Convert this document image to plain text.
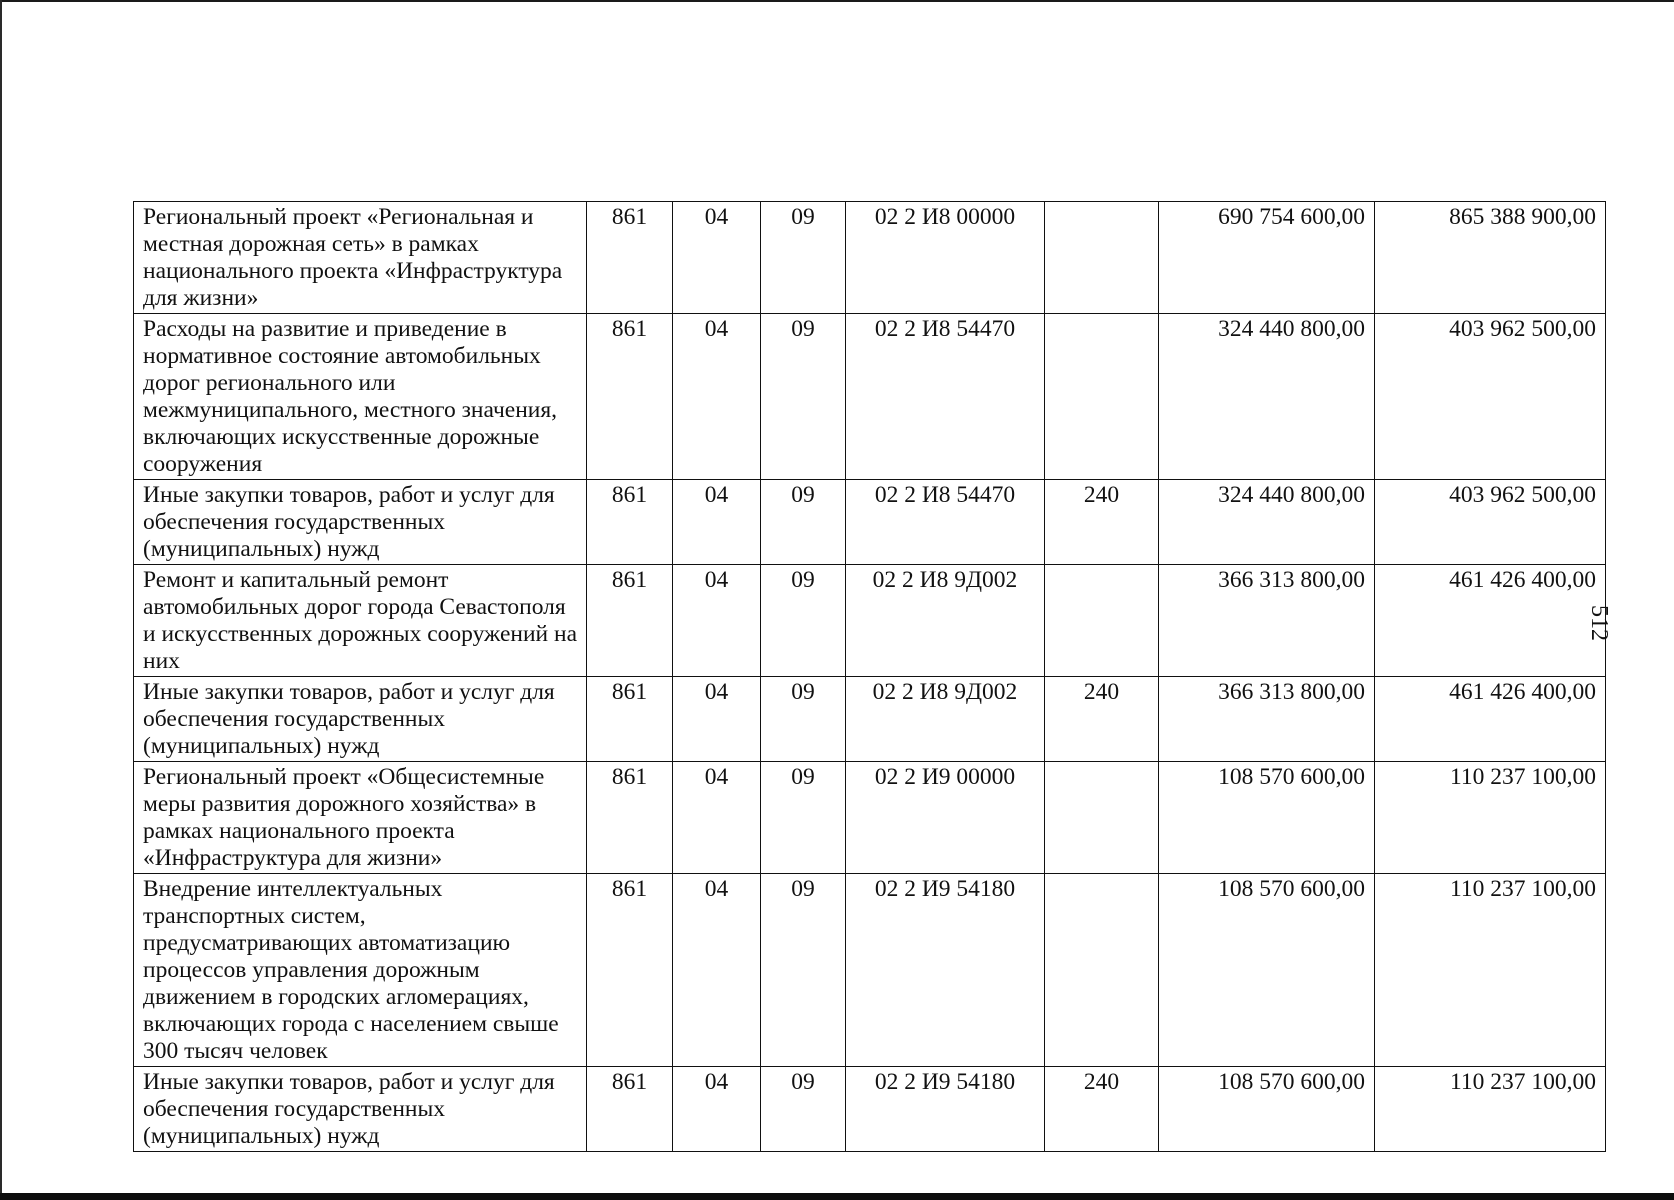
Региональный проект «Региональная и местная дорожная сеть» в рамках национального проекта «Инфраструктура для жизни»	861	04	09	02 2 И8 00000		690 754 600,00	865 388 900,00
Расходы на развитие и приведение в нормативное состояние автомобильных дорог регионального или межмуниципального, местного значения, включающих искусственные дорожные сооружения	861	04	09	02 2 И8 54470		324 440 800,00	403 962 500,00
Иные закупки товаров, работ и услуг для обеспечения государственных (муниципальных) нужд	861	04	09	02 2 И8 54470	240	324 440 800,00	403 962 500,00
Ремонт и капитальный ремонт автомобильных дорог города Севастополя и искусственных дорожных сооружений на них	861	04	09	02 2 И8 9Д002		366 313 800,00	461 426 400,00
Иные закупки товаров, работ и услуг для обеспечения государственных (муниципальных) нужд	861	04	09	02 2 И8 9Д002	240	366 313 800,00	461 426 400,00
Региональный проект «Общесистемные меры развития дорожного хозяйства» в рамках национального проекта «Инфраструктура для жизни»	861	04	09	02 2 И9 00000		108 570 600,00	110 237 100,00
Внедрение интеллектуальных транспортных систем, предусматривающих автоматизацию процессов управления дорожным движением в городских агломерациях, включающих города с населением свыше 300 тысяч человек	861	04	09	02 2 И9 54180		108 570 600,00	110 237 100,00
Иные закупки товаров, работ и услуг для обеспечения государственных (муниципальных) нужд	861	04	09	02 2 И9 54180	240	108 570 600,00	110 237 100,00
512
